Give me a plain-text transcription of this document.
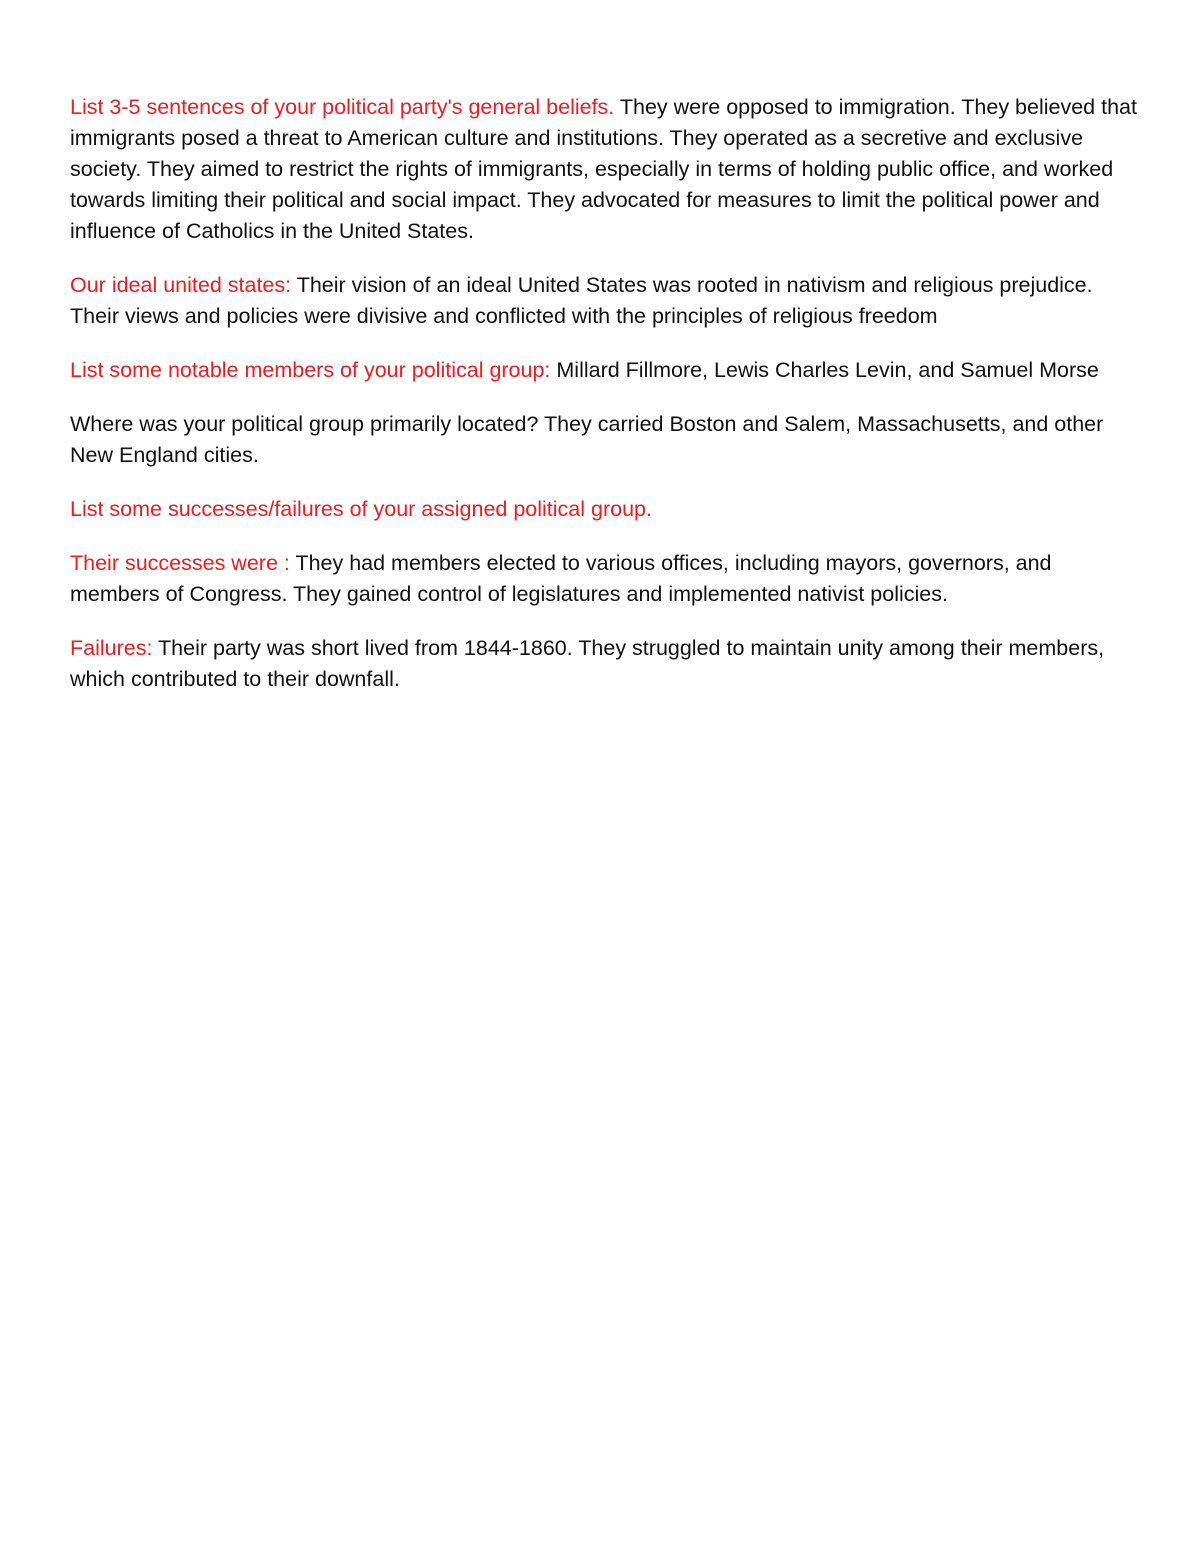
List 3-5 sentences of your political party's general beliefs. They were opposed to immigration. They believed that immigrants posed a threat to American culture and institutions. They operated as a secretive and exclusive society. They aimed to restrict the rights of immigrants, especially in terms of holding public office, and worked towards limiting their political and social impact. They advocated for measures to limit the political power and influence of Catholics in the United States.

Our ideal united states: Their vision of an ideal United States was rooted in nativism and religious prejudice. Their views and policies were divisive and conflicted with the principles of religious freedom

List some notable members of your political group: Millard Fillmore, Lewis Charles Levin, and Samuel Morse

Where was your political group primarily located? They carried Boston and Salem, Massachusetts, and other New England cities.

List some successes/failures of your assigned political group.

Their successes were : They had members elected to various offices, including mayors, governors, and members of Congress. They gained control of legislatures and implemented nativist policies.

Failures: Their party was short lived from 1844-1860. They struggled to maintain unity among their members, which contributed to their downfall.
